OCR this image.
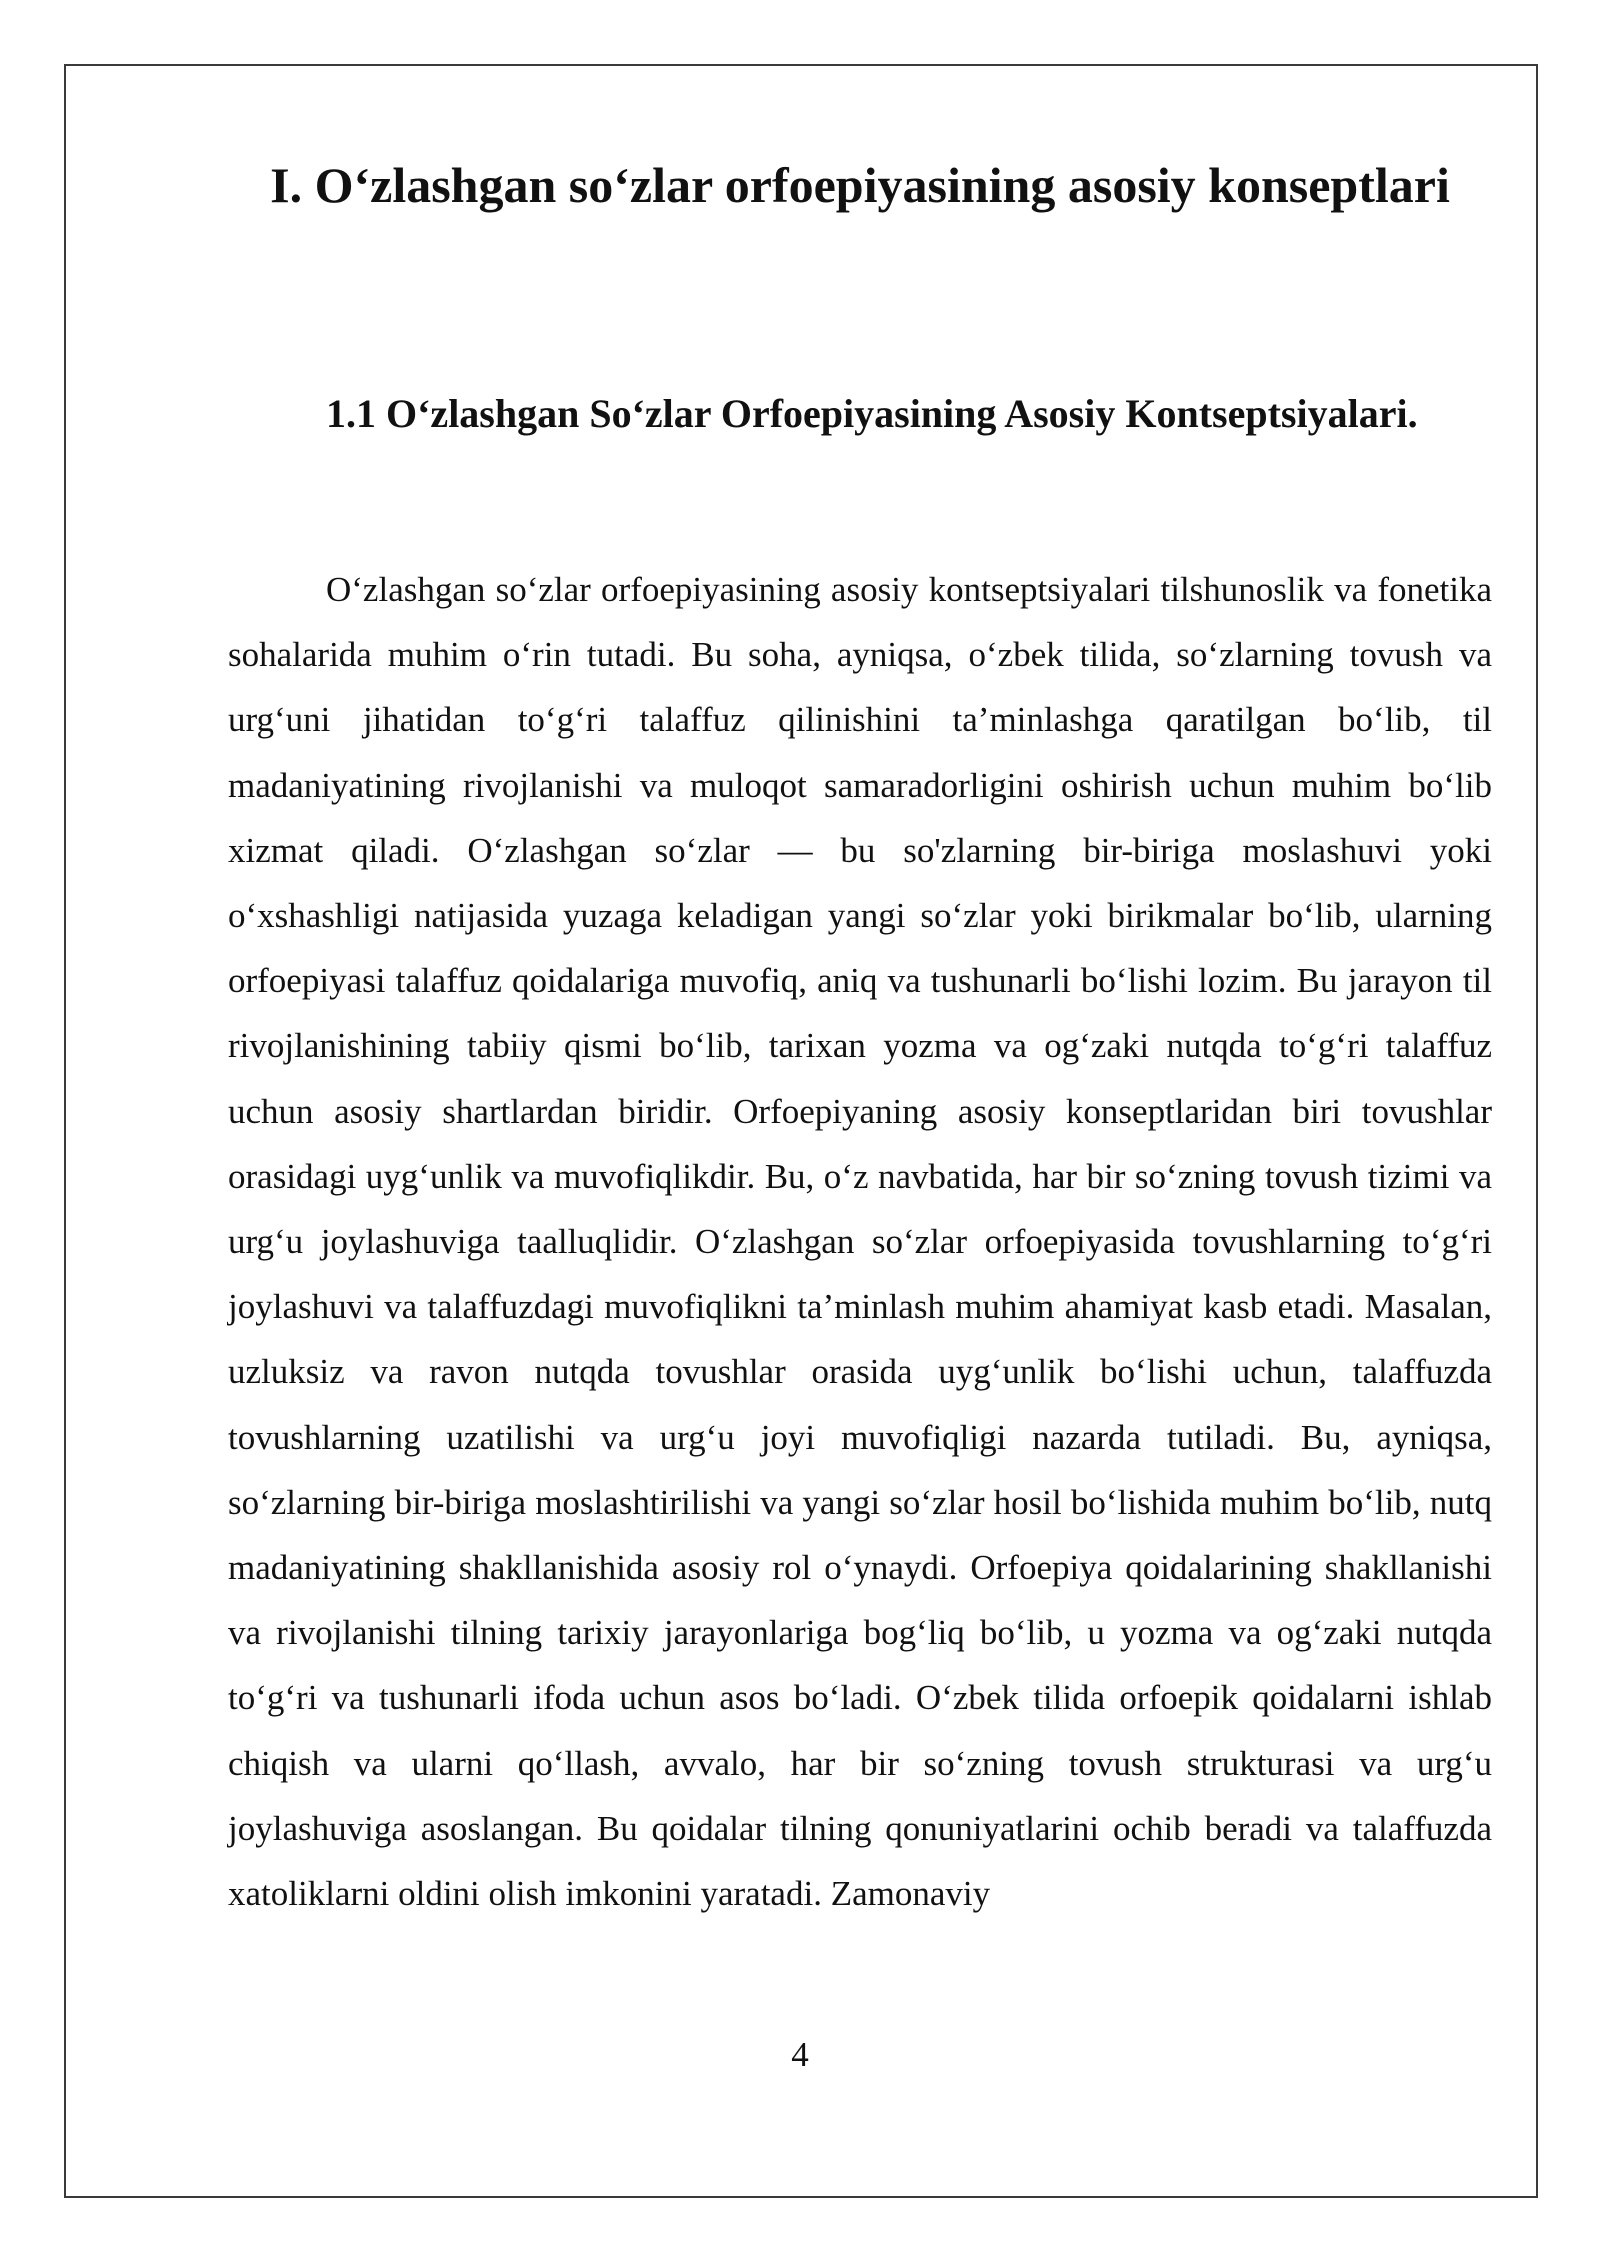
I. O‘zlashgan so‘zlar orfoepiyasining asosiy konseptlari
1.1 O‘zlashgan So‘zlar Orfoepiyasining Asosiy Kontseptsiyalari.

O‘zlashgan so‘zlar orfoepiyasining asosiy kontseptsiyalari tilshunoslik va fonetika sohalarida muhim o‘rin tutadi. Bu soha, ayniqsa, o‘zbek tilida, so‘zlarning tovush va urg‘uni jihatidan to‘g‘ri talaffuz qilinishini ta’minlashga qaratilgan bo‘lib, til madaniyatining rivojlanishi va muloqot samaradorligini oshirish uchun muhim bo‘lib xizmat qiladi. O‘zlashgan so‘zlar — bu so'zlarning bir-biriga moslashuvi yoki o‘xshashligi natijasida yuzaga keladigan yangi so‘zlar yoki birikmalar bo‘lib, ularning orfoepiyasi talaffuz qoidalariga muvofiq, aniq va tushunarli bo‘lishi lozim. Bu jarayon til rivojlanishining tabiiy qismi bo‘lib, tarixan yozma va og‘zaki nutqda to‘g‘ri talaffuz uchun asosiy shartlardan biridir. Orfoepiyaning asosiy konseptlaridan biri tovushlar orasidagi uyg‘unlik va muvofiqlikdir. Bu, o‘z navbatida, har bir so‘zning tovush tizimi va urg‘u joylashuviga taalluqlidir. O‘zlashgan so‘zlar orfoepiyasida tovushlarning to‘g‘ri joylashuvi va talaffuzdagi muvofiqlikni ta’minlash muhim ahamiyat kasb etadi. Masalan, uzluksiz va ravon nutqda tovushlar orasida uyg‘unlik bo‘lishi uchun, talaffuzda tovushlarning uzatilishi va urg‘u joyi muvofiqligi nazarda tutiladi. Bu, ayniqsa, so‘zlarning bir-biriga moslashtirilishi va yangi so‘zlar hosil bo‘lishida muhim bo‘lib, nutq madaniyatining shakllanishida asosiy rol o‘ynaydi. Orfoepiya qoidalarining shakllanishi va rivojlanishi tilning tarixiy jarayonlariga bog‘liq bo‘lib, u yozma va og‘zaki nutqda to‘g‘ri va tushunarli ifoda uchun asos bo‘ladi. O‘zbek tilida orfoepik qoidalarni ishlab chiqish va ularni qo‘llash, avvalo, har bir so‘zning tovush strukturasi va urg‘u joylashuviga asoslangan. Bu qoidalar tilning qonuniyatlarini ochib beradi va talaffuzda xatoliklarni oldini olish imkonini yaratadi. Zamonaviy

4
